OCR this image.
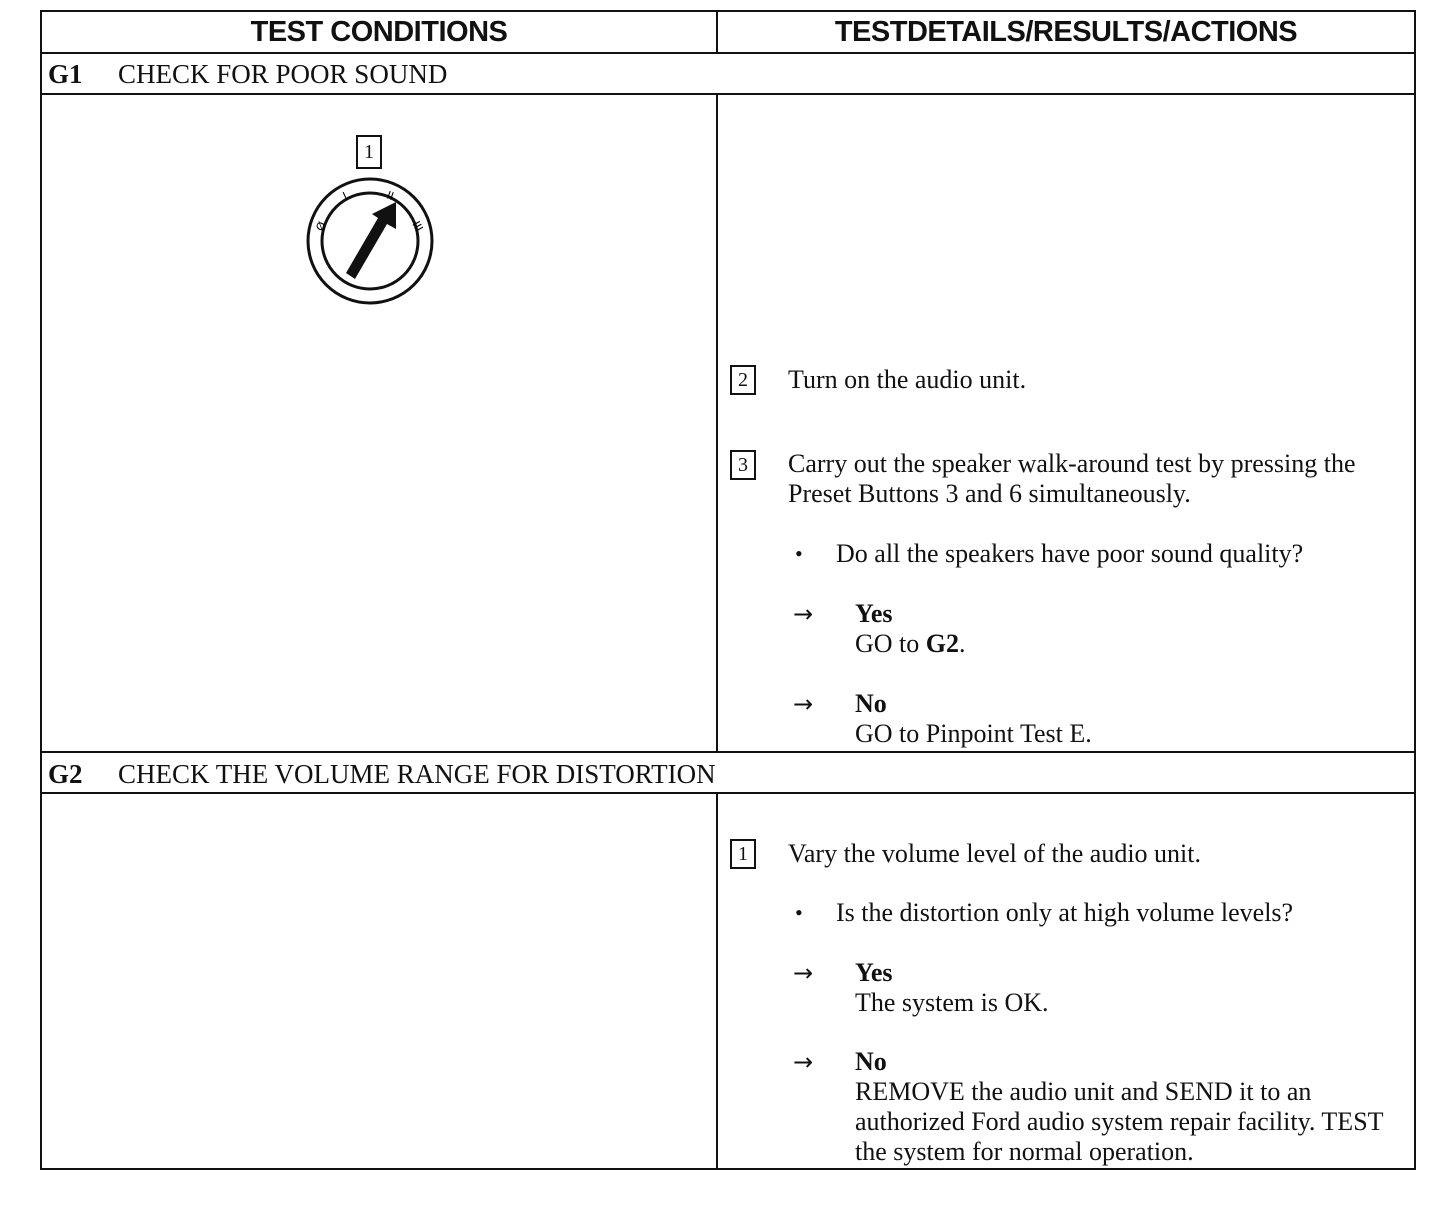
TEST CONDITIONS	TESTDETAILS/RESULTS/ACTIONS
G1 CHECK FOR POOR SOUND
1
Ø
I	II
III
2	Turn on the audio unit.
3	Carry out the speaker walk-around test by pressing the Preset Buttons 3 and 6 simultaneously.
• Do all the speakers have poor sound quality?
→ Yes
GO to G2.
→ No
GO to Pinpoint Test E.
G2 CHECK THE VOLUME RANGE FOR DISTORTION
1	Vary the volume level of the audio unit.
• Is the distortion only at high volume levels?
→ Yes
The system is OK.
→ No
REMOVE the audio unit and SEND it to an authorized Ford audio system repair facility. TEST the system for normal operation.
